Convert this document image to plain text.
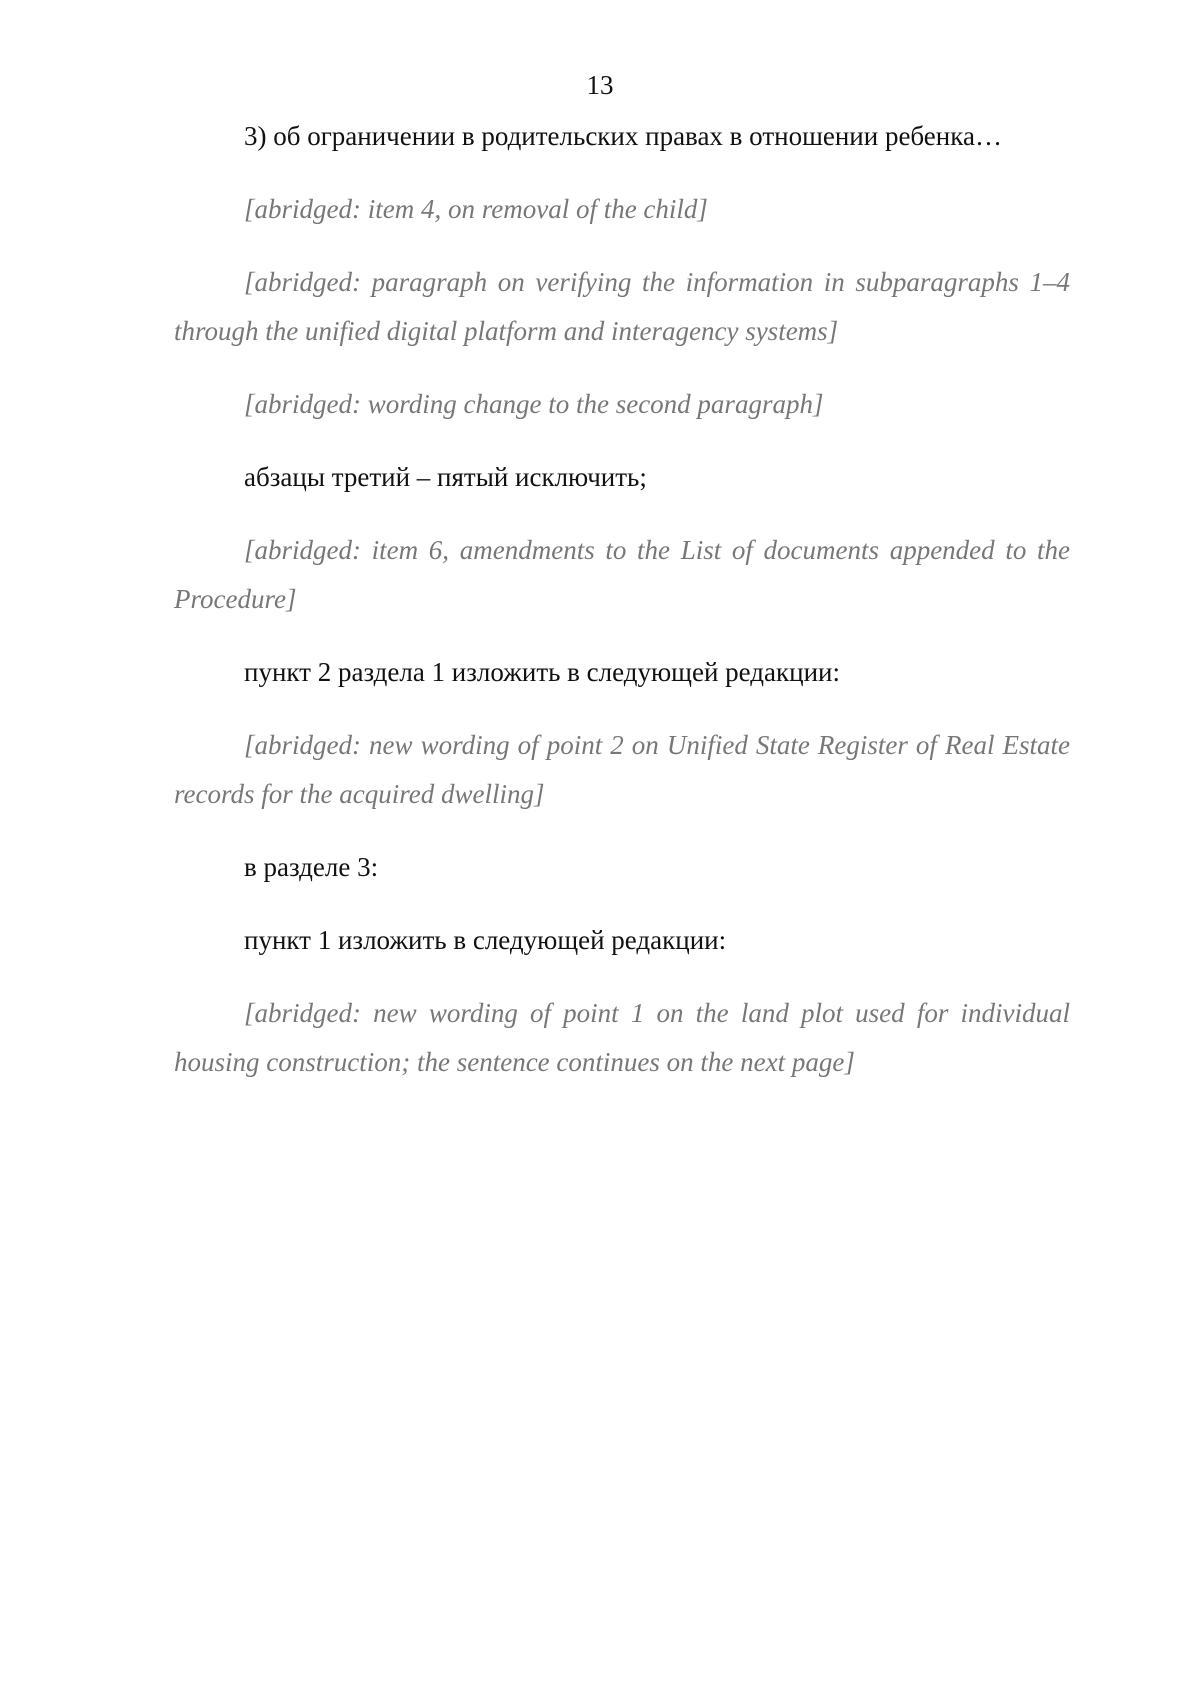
13

3) об ограничении в родительских правах в отношении ребенка…

[abridged: item 4, on removal of the child]

[abridged: paragraph on verifying the information in subparagraphs 1–4 through the unified digital platform and interagency systems]

[abridged: wording change to the second paragraph]

абзацы третий – пятый исключить;

[abridged: item 6, amendments to the List of documents appended to the Procedure]

пункт 2 раздела 1 изложить в следующей редакции:

[abridged: new wording of point 2 on Unified State Register of Real Estate records for the acquired dwelling]

в разделе 3:

пункт 1 изложить в следующей редакции:

[abridged: new wording of point 1 on the land plot used for individual housing construction; the sentence continues on the next page]
